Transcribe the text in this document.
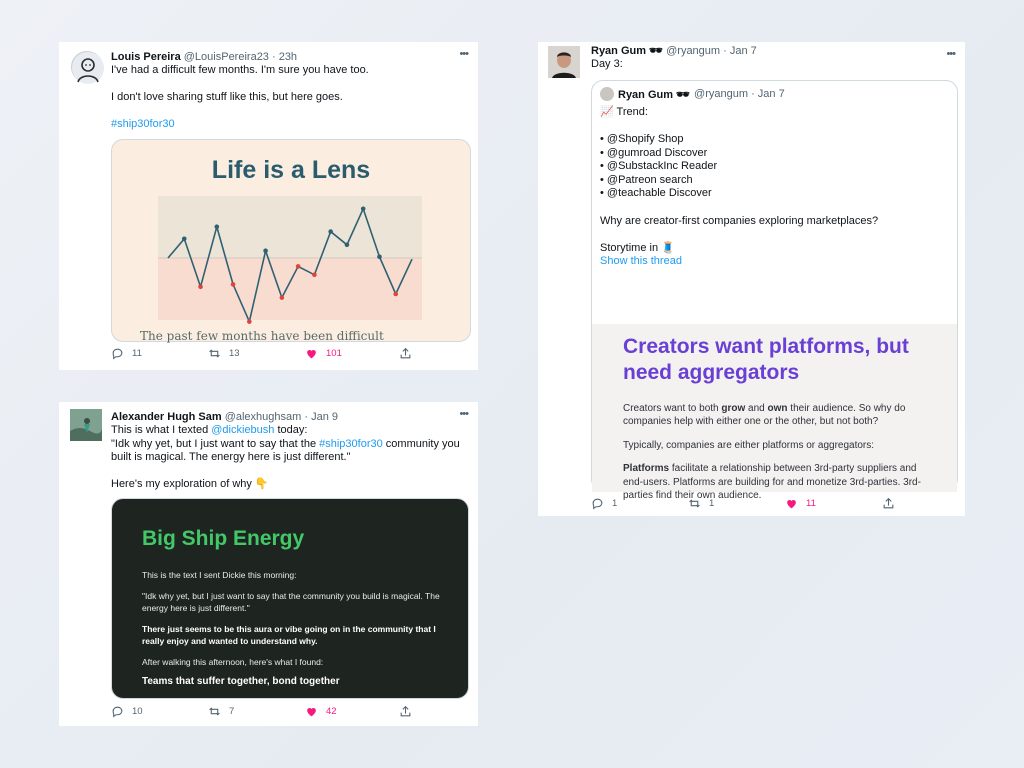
•••
Louis Pereira @LouisPereira23 · 23h
I've had a difficult few months. I'm sure you have too.
I don't love sharing stuff like this, but here goes.
#ship30for30
Life is a Lens
The past few months have been difficult
11	13	101
•••
Ryan Gum 🕶 @ryangum · Jan 7
Day 3:
Ryan Gum 🕶 @ryangum · Jan 7
📈 Trend:
• @Shopify Shop
• @gumroad Discover
• @SubstackInc Reader
• @Patreon search
• @teachable Discover
Why are creator-first companies exploring marketplaces?
Storytime in 🧵
Show this thread
Creators want platforms, but need aggregators
Creators want to both grow and own their audience. So why do companies help with either one or the other, but not both?
Typically, companies are either platforms or aggregators:
Platforms facilitate a relationship between 3rd-party suppliers and end-users. Platforms are building for and monetize 3rd-parties. 3rd-parties find their own audience.
1	1	11
•••
Alexander Hugh Sam @alexhughsam · Jan 9
This is what I texted @dickiebush today:
"Idk why yet, but I just want to say that the #ship30for30 community you
built is magical. The energy here is just different."
Here's my exploration of why 👇
Big Ship Energy
This is the text I sent Dickie this morning:
"Idk why yet, but I just want to say that the community you build is magical. The energy here is just different."
There just seems to be this aura or vibe going on in the community that I really enjoy and wanted to understand why.
After walking this afternoon, here's what I found:
Teams that suffer together, bond together
10	7	42
